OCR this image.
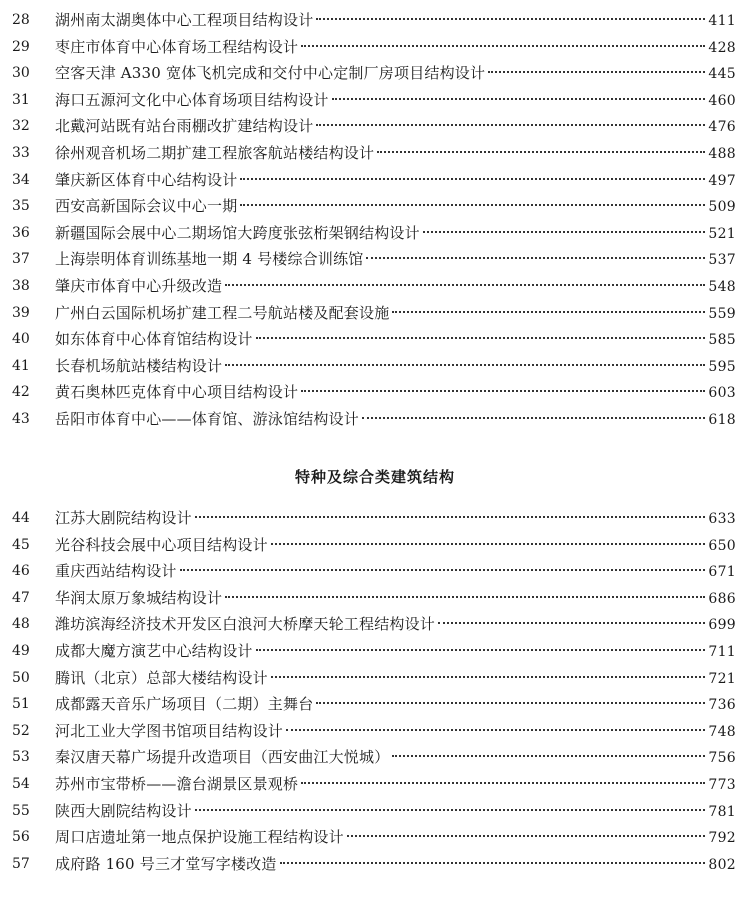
28	湖州南太湖奥体中心工程项目结构设计	411
29	枣庄市体育中心体育场工程结构设计	428
30	空客天津 A330 宽体飞机完成和交付中心定制厂房项目结构设计	445
31	海口五源河文化中心体育场项目结构设计	460
32	北戴河站既有站台雨棚改扩建结构设计	476
33	徐州观音机场二期扩建工程旅客航站楼结构设计	488
34	肇庆新区体育中心结构设计	497
35	西安高新国际会议中心一期	509
36	新疆国际会展中心二期场馆大跨度张弦桁架钢结构设计	521
37	上海崇明体育训练基地一期 4 号楼综合训练馆	537
38	肇庆市体育中心升级改造	548
39	广州白云国际机场扩建工程二号航站楼及配套设施	559
40	如东体育中心体育馆结构设计	585
41	长春机场航站楼结构设计	595
42	黄石奥林匹克体育中心项目结构设计	603
43	岳阳市体育中心——体育馆、游泳馆结构设计	618
特种及综合类建筑结构
44	江苏大剧院结构设计	633
45	光谷科技会展中心项目结构设计	650
46	重庆西站结构设计	671
47	华润太原万象城结构设计	686
48	潍坊滨海经济技术开发区白浪河大桥摩天轮工程结构设计	699
49	成都大魔方演艺中心结构设计	711
50	腾讯（北京）总部大楼结构设计	721
51	成都露天音乐广场项目（二期）主舞台	736
52	河北工业大学图书馆项目结构设计	748
53	秦汉唐天幕广场提升改造项目（西安曲江大悦城）	756
54	苏州市宝带桥——澹台湖景区景观桥	773
55	陕西大剧院结构设计	781
56	周口店遗址第一地点保护设施工程结构设计	792
57	成府路 160 号三才堂写字楼改造	802
